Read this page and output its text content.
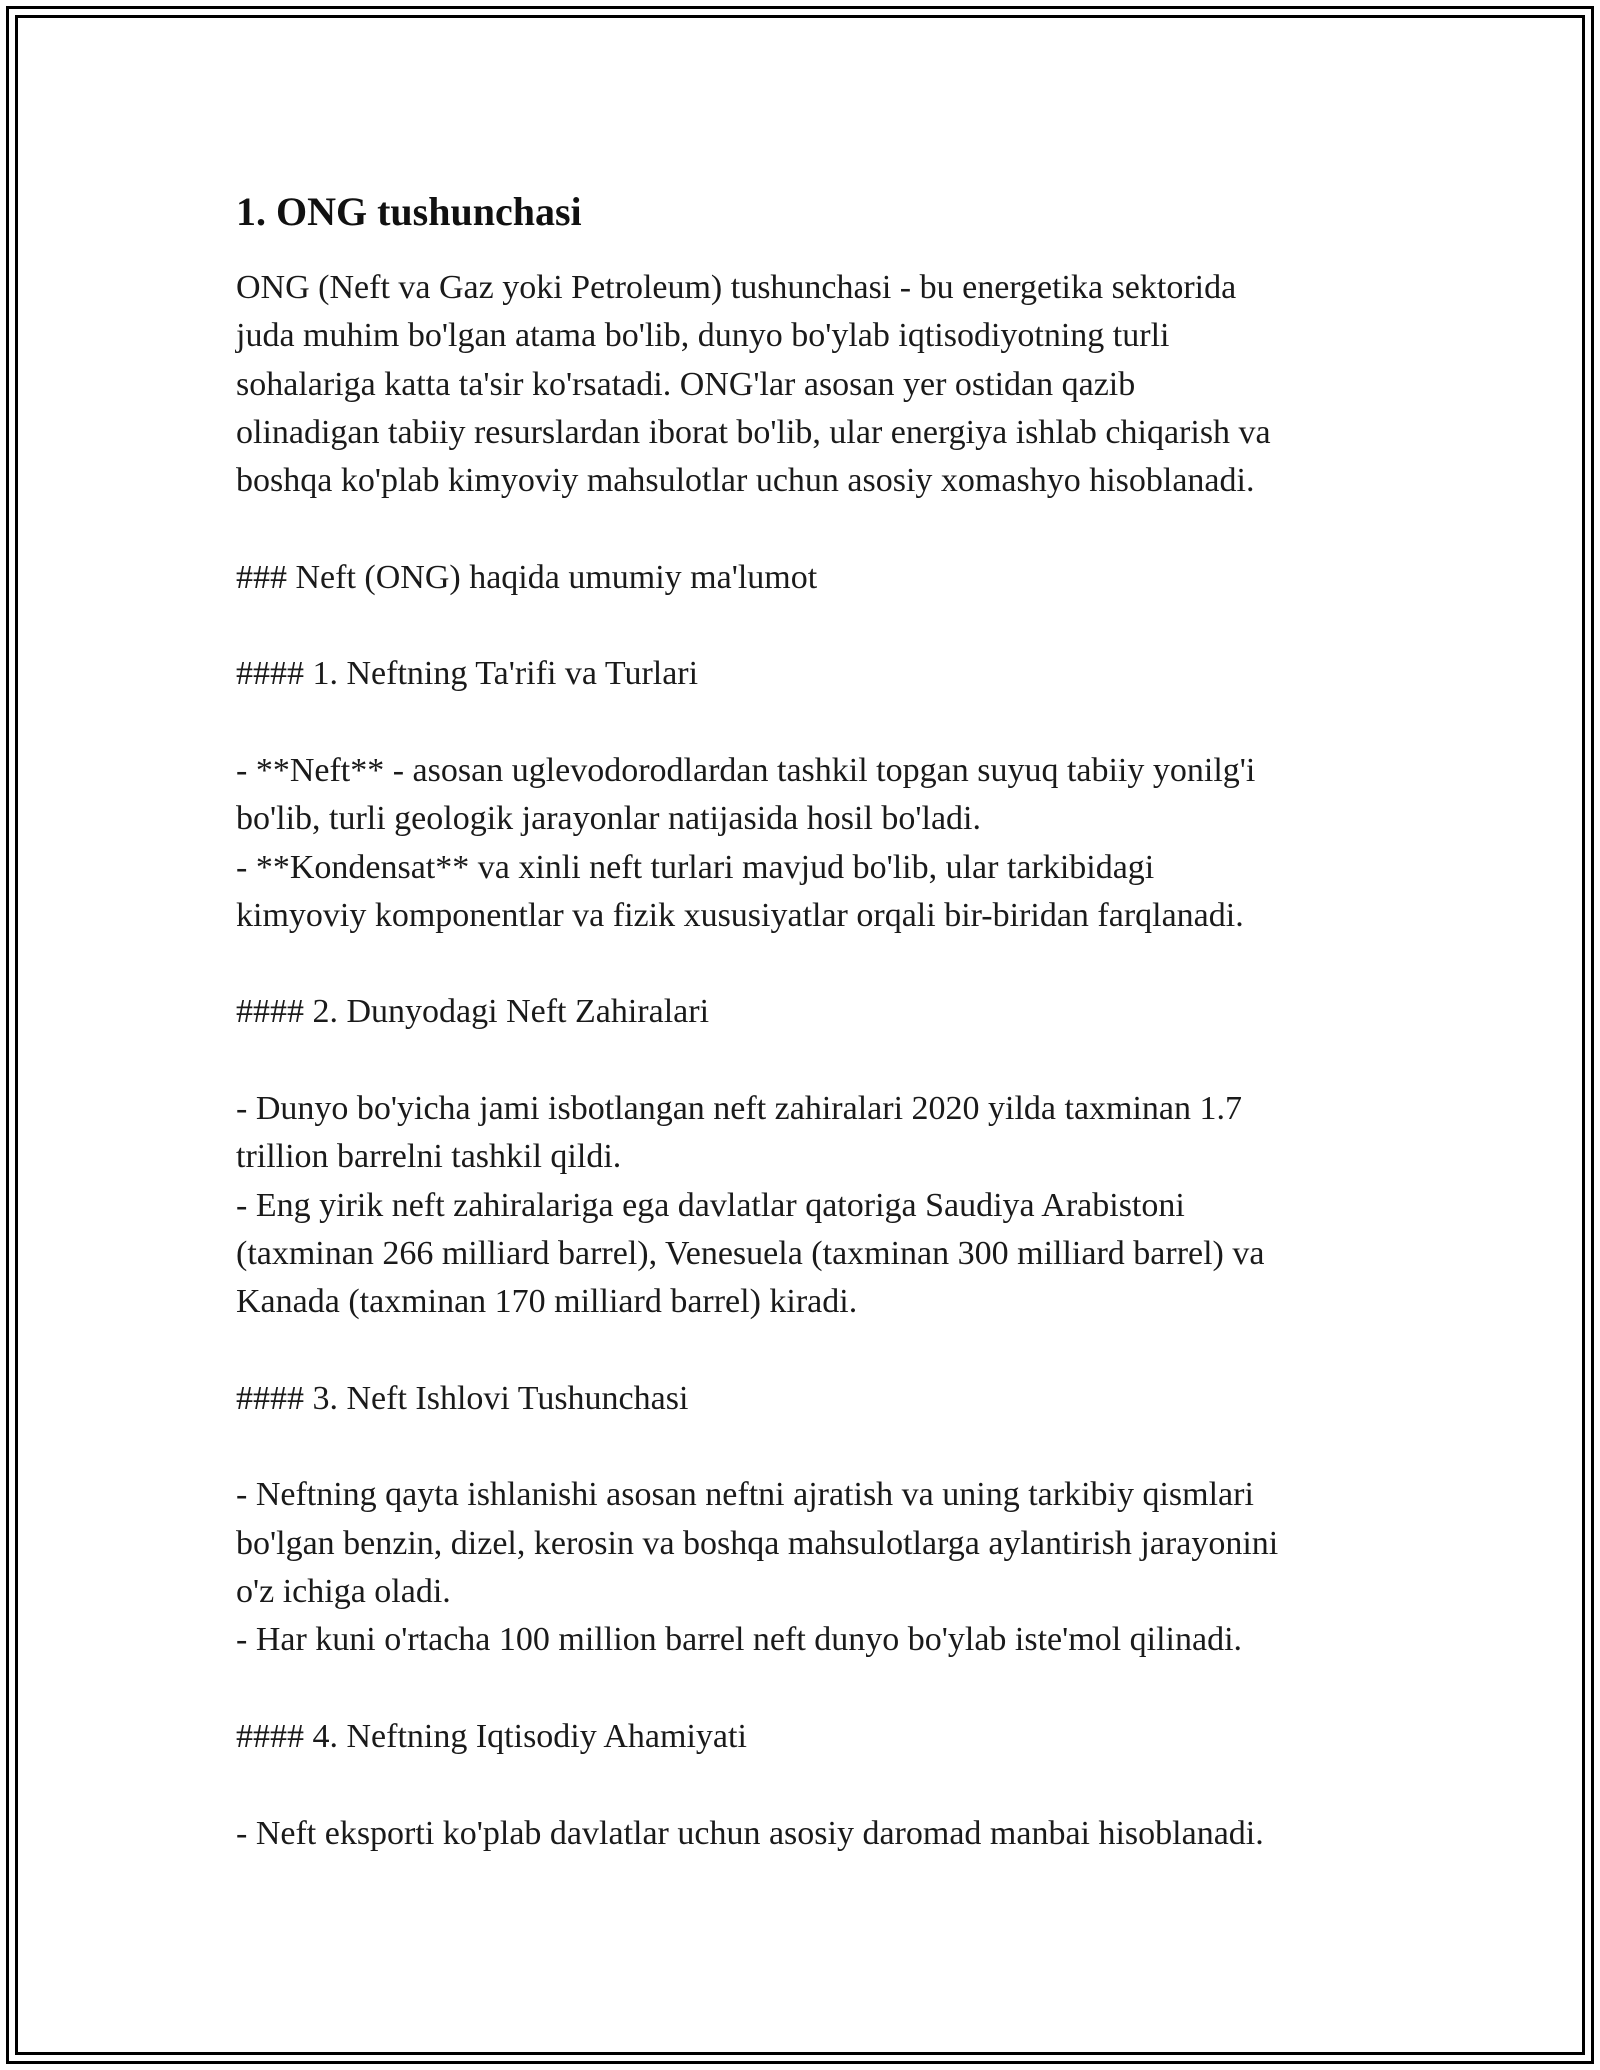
1. ONG tushunchasi
ONG (Neft va Gaz yoki Petroleum) tushunchasi - bu energetika sektorida
juda muhim bo'lgan atama bo'lib, dunyo bo'ylab iqtisodiyotning turli
sohalariga katta ta'sir ko'rsatadi. ONG'lar asosan yer ostidan qazib
olinadigan tabiiy resurslardan iborat bo'lib, ular energiya ishlab chiqarish va
boshqa ko'plab kimyoviy mahsulotlar uchun asosiy xomashyo hisoblanadi.
### Neft (ONG) haqida umumiy ma'lumot
#### 1. Neftning Ta'rifi va Turlari
- **Neft** - asosan uglevodorodlardan tashkil topgan suyuq tabiiy yonilg'i
bo'lib, turli geologik jarayonlar natijasida hosil bo'ladi.
- **Kondensat** va xinli neft turlari mavjud bo'lib, ular tarkibidagi
kimyoviy komponentlar va fizik xususiyatlar orqali bir-biridan farqlanadi.
#### 2. Dunyodagi Neft Zahiralari
- Dunyo bo'yicha jami isbotlangan neft zahiralari 2020 yilda taxminan 1.7
trillion barrelni tashkil qildi.
- Eng yirik neft zahiralariga ega davlatlar qatoriga Saudiya Arabistoni
(taxminan 266 milliard barrel), Venesuela (taxminan 300 milliard barrel) va
Kanada (taxminan 170 milliard barrel) kiradi.
#### 3. Neft Ishlovi Tushunchasi
- Neftning qayta ishlanishi asosan neftni ajratish va uning tarkibiy qismlari
bo'lgan benzin, dizel, kerosin va boshqa mahsulotlarga aylantirish jarayonini
o'z ichiga oladi.
- Har kuni o'rtacha 100 million barrel neft dunyo bo'ylab iste'mol qilinadi.
#### 4. Neftning Iqtisodiy Ahamiyati
- Neft eksporti ko'plab davlatlar uchun asosiy daromad manbai hisoblanadi.
